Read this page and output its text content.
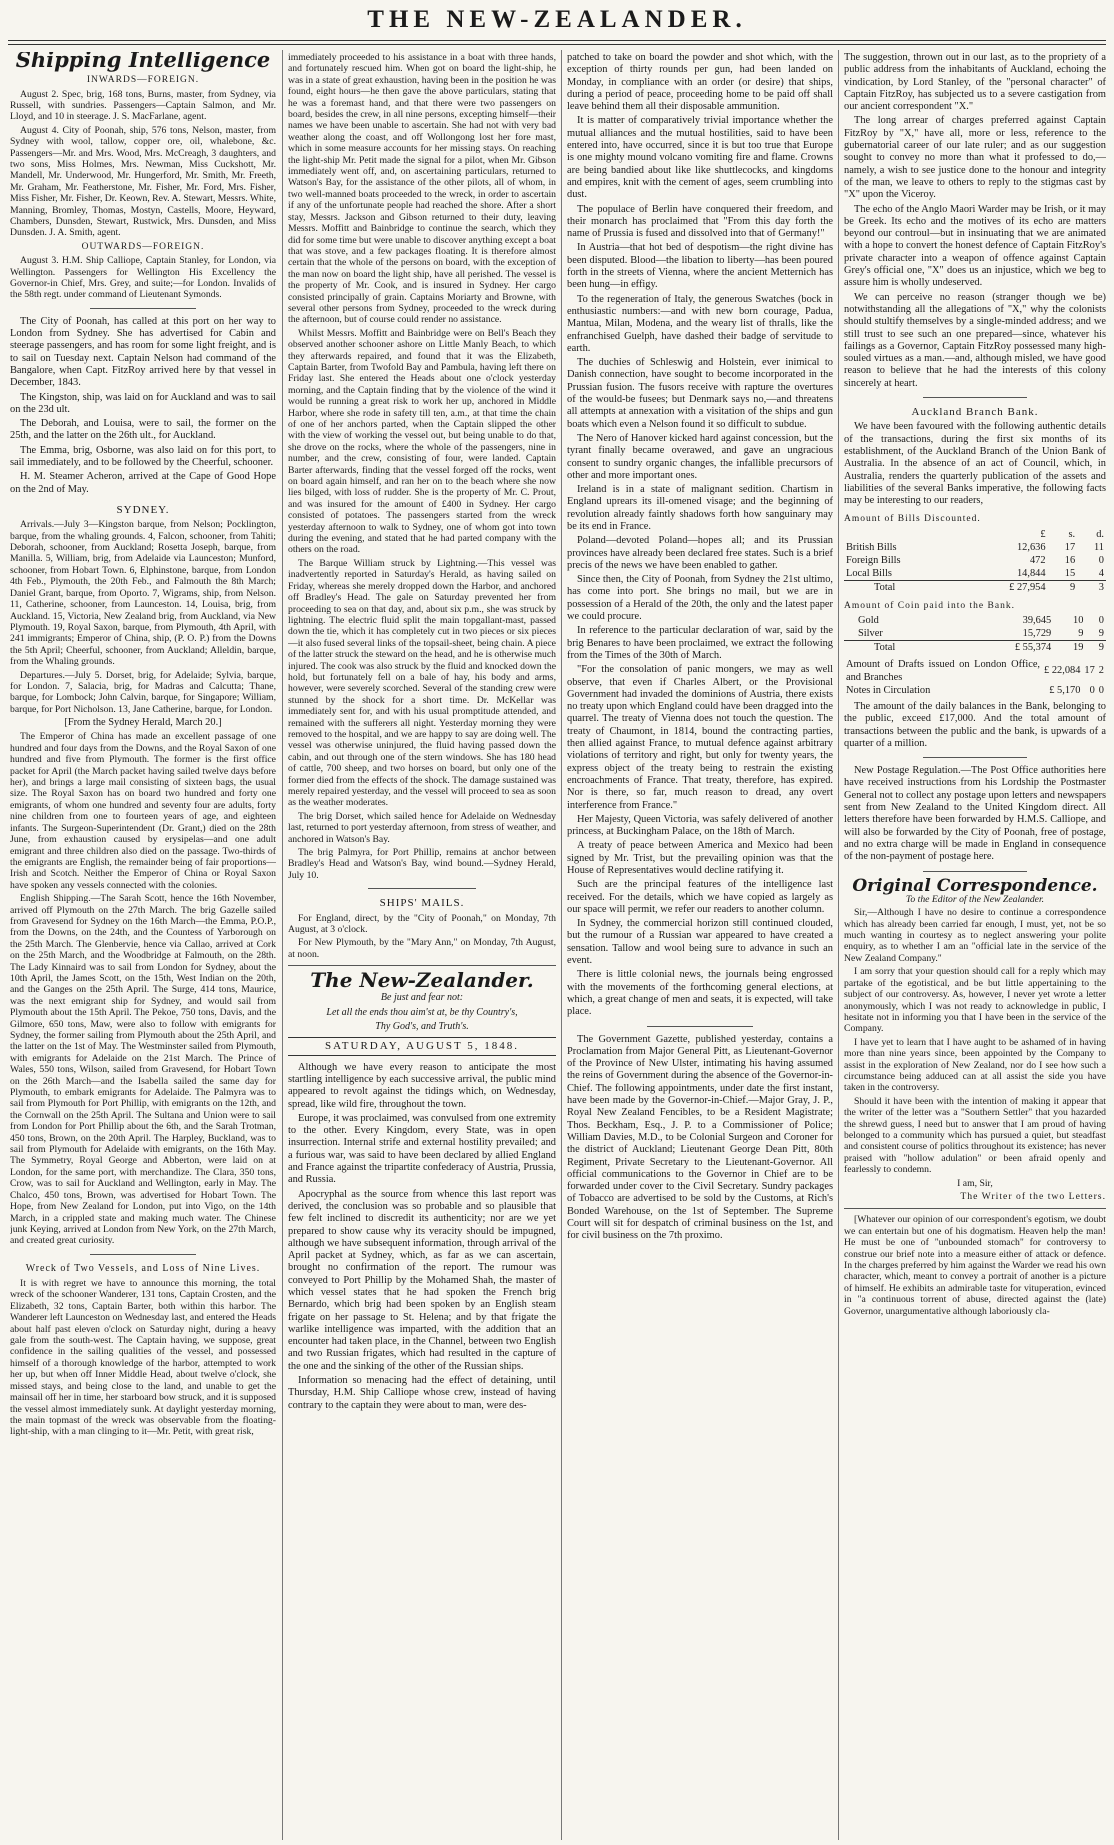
THE NEW-ZEALANDER.
Shipping Intelligence
INWARDS—FOREIGN.

August 2. Spec, brig, 168 tons, Burns, master, from Sydney, via Russell, with sundries. Passengers—Captain Salmon, and Mr. Lloyd, and 10 in steerage. J. S. MacFarlane, agent.

August 4. City of Poonah, ship, 576 tons, Nelson, master, from Sydney with wool, tallow, copper ore, oil, whalebone, &c. Passengers—Mr. and Mrs. Wood, Mrs. McCreagh, 3 daughters, and two sons, Miss Holmes, Mrs. Newman, Miss Cuckshott, Mr. Mandell, Mr. Underwood, Mr. Hungerford, Mr. Smith, Mr. Freeth, Mr. Graham, Mr. Featherstone, Mr. Fisher, Mr. Ford, Mrs. Fisher, Miss Fisher, Mr. Fisher, Dr. Keown, Rev. A. Stewart, Messrs. White, Manning, Bromley, Thomas, Mostyn, Castells, Moore, Heyward, Chambers, Dunsden, Stewart, Rustwick, Mrs. Dunsden, and Miss Dunsden. J. A. Smith, agent.

OUTWARDS—FOREIGN.

August 3. H.M. Ship Calliope, Captain Stanley, for London, via Wellington. Passengers for Wellington His Excellency the Governor-in Chief, Mrs. Grey, and suite;—for London. Invalids of the 58th regt. under command of Lieutenant Symonds.

The City of Poonah, has called at this port on her way to London from Sydney. She has advertised for Cabin and steerage passengers, and has room for some light freight, and is to sail on Tuesday next. Captain Nelson had command of the Bangalore, when Capt. FitzRoy arrived here by that vessel in December, 1843.

The Kingston, ship, was laid on for Auckland and was to sail on the 23d ult.

The Deborah, and Louisa, were to sail, the former on the 25th, and the latter on the 26th ult., for Auckland.

The Emma, brig, Osborne, was also laid on for this port, to sail immediately, and to be followed by the Cheerful, schooner.

H. M. Steamer Acheron, arrived at the Cape of Good Hope on the 2nd of May.

SYDNEY.

Arrivals.—July 3—Kingston barque, from Nelson; Pocklington, barque, from the whaling grounds. 4, Falcon, schooner, from Tahiti; Deborah, schooner, from Auckland; Rosetta Joseph, barque, from Manilla. 5, William, brig, from Adelaide via Launceston; Munford, schooner, from Hobart Town. 6, Elphinstone, barque, from London 4th Feb., Plymouth, the 20th Feb., and Falmouth the 8th March; Daniel Grant, barque, from Oporto. 7, Wigrams, ship, from Nelson. 11, Catherine, schooner, from Launceston. 14, Louisa, brig, from Auckland. 15, Victoria, New Zealand brig, from Auckland, via New Plymouth. 19, Royal Saxon, barque, from Plymouth, 4th April, with 241 immigrants; Emperor of China, ship, (P. O. P.) from the Downs the 5th April; Cheerful, schooner, from Auckland; Alleldin, barque, from the Whaling grounds.

Departures.—July 5. Dorset, brig, for Adelaide; Sylvia, barque, for London. 7, Salacia, brig, for Madras and Calcutta; Thane, barque, for Lombock; John Calvin, barque, for Singapore; William, barque, for Port Nicholson. 13, Jane Catherine, barque, for London.

[From the Sydney Herald, March 20.]

The Emperor of China has made an excellent passage of one hundred and four days from the Downs, and the Royal Saxon of one hundred and five from Plymouth. The former is the first office packet for April (the March packet having sailed twelve days before her), and brings a large mail consisting of sixteen bags, the usual size. The Royal Saxon has on board two hundred and forty one emigrants, of whom one hundred and seventy four are adults, forty nine children from one to fourteen years of age, and eighteen infants. The Surgeon-Superintendent (Dr. Grant,) died on the 28th June, from exhaustion caused by erysipelas—and one adult emigrant and three children also died on the passage. Two-thirds of the emigrants are English, the remainder being of fair proportions—Irish and Scotch. Neither the Emperor of China or Royal Saxon have spoken any vessels connected with the colonies.

English Shipping.—The Sarah Scott, hence the 16th November, arrived off Plymouth on the 27th March. The brig Gazelle sailed from Gravesend for Sydney on the 16th March—the Emma, P.O.P., from the Downs, on the 24th, and the Countess of Yarborough on the 25th March. The Glenbervie, hence via Callao, arrived at Cork on the 25th March, and the Woodbridge at Falmouth, on the 28th. The Lady Kinnaird was to sail from London for Sydney, about the 10th April, the James Scott, on the 15th, West Indian on the 20th, and the Ganges on the 25th April. The Surge, 414 tons, Maurice, was the next emigrant ship for Sydney, and would sail from Plymouth about the 15th April. The Pekoe, 750 tons, Davis, and the Gilmore, 650 tons, Maw, were also to follow with emigrants for Sydney, the former sailing from Plymouth about the 25th April, and the latter on the 1st of May. The Westminster sailed from Plymouth, with emigrants for Adelaide on the 21st March. The Prince of Wales, 550 tons, Wilson, sailed from Gravesend, for Hobart Town on the 26th March—and the Isabella sailed the same day for Plymouth, to embark emigrants for Adelaide. The Palmyra was to sail from Plymouth for Port Phillip, with emigrants on the 12th, and the Cornwall on the 25th April. The Sultana and Union were to sail from London for Port Phillip about the 6th, and the Sarah Trotman, 450 tons, Brown, on the 20th April. The Harpley, Buckland, was to sail from Plymouth for Adelaide with emigrants, on the 16th May. The Symmetry, Royal George and Abberton, were laid on at London, for the same port, with merchandize. The Clara, 350 tons, Crow, was to sail for Auckland and Wellington, early in May. The Chalco, 450 tons, Brown, was advertised for Hobart Town. The Hope, from New Zealand for London, put into Vigo, on the 14th March, in a crippled state and making much water. The Chinese junk Keying, arrived at London from New York, on the 27th March, and created great curiosity.

Wreck of Two Vessels, and Loss of Nine Lives.

It is with regret we have to announce this morning, the total wreck of the schooner Wanderer, 131 tons, Captain Crosten, and the Elizabeth, 32 tons, Captain Barter, both within this harbor. The Wanderer left Launceston on Wednesday last, and entered the Heads about half past eleven o'clock on Saturday night, during a heavy gale from the south-west. The Captain having, we suppose, great confidence in the sailing qualities of the vessel, and possessed himself of a thorough knowledge of the harbor, attempted to work her up, but when off Inner Middle Head, about twelve o'clock, she missed stays, and being close to the land, and unable to get the mainsail off her in time, her starboard bow struck, and it is supposed the vessel almost immediately sunk. At daylight yesterday morning, the main topmast of the wreck was observable from the floating-light-ship, with a man clinging to it—Mr. Petit, with great risk,

immediately proceeded to his assistance in a boat with three hands, and fortunately rescued him. When got on board the light-ship, he was in a state of great exhaustion, having been in the position he was found, eight hours—he then gave the above particulars, stating that he was a foremast hand, and that there were two passengers on board, besides the crew, in all nine persons, excepting himself—their names we have been unable to ascertain. She had not with very bad weather along the coast, and off Wollongong lost her fore mast, which in some measure accounts for her missing stays. On reaching the light-ship Mr. Petit made the signal for a pilot, when Mr. Gibson immediately went off, and, on ascertaining particulars, returned to Watson's Bay, for the assistance of the other pilots, all of whom, in two well-manned boats proceeded to the wreck, in order to ascertain if any of the unfortunate people had reached the shore. After a short stay, Messrs. Jackson and Gibson returned to their duty, leaving Messrs. Moffitt and Bainbridge to continue the search, which they did for some time but were unable to discover anything except a boat that was stove, and a few packages floating. It is therefore almost certain that the whole of the persons on board, with the exception of the man now on board the light ship, have all perished. The vessel is the property of Mr. Cook, and is insured in Sydney. Her cargo consisted principally of grain. Captains Moriarty and Browne, with several other persons from Sydney, proceeded to the wreck during the afternoon, but of course could render no assistance.

Whilst Messrs. Moffitt and Bainbridge were on Bell's Beach they observed another schooner ashore on Little Manly Beach, to which they afterwards repaired, and found that it was the Elizabeth, Captain Barter, from Twofold Bay and Pambula, having left there on Friday last. She entered the Heads about one o'clock yesterday morning, and the Captain finding that by the violence of the wind it would be running a great risk to work her up, anchored in Middle Harbor, where she rode in safety till ten, a.m., at that time the chain of one of her anchors parted, when the Captain slipped the other with the view of working the vessel out, but being unable to do that, she drove on the rocks, where the whole of the passengers, nine in number, and the crew, consisting of four, were landed. Captain Barter afterwards, finding that the vessel forged off the rocks, went on board again himself, and ran her on to the beach where she now lies bilged, with loss of rudder. She is the property of Mr. C. Prout, and was insured for the amount of £400 in Sydney. Her cargo consisted of potatoes. The passengers started from the wreck yesterday afternoon to walk to Sydney, one of whom got into town during the evening, and stated that he had parted company with the others on the road.

The Barque William struck by Lightning.—This vessel was inadvertently reported in Saturday's Herald, as having sailed on Friday, whereas she merely dropped down the Harbor, and anchored off Bradley's Head. The gale on Saturday prevented her from proceeding to sea on that day, and, about six p.m., she was struck by lightning. The electric fluid split the main topgallant-mast, passed down the tie, which it has completely cut in two pieces or six pieces—it also fused several links of the topsail-sheet, being chain. A piece of the latter struck the steward on the head, and he is otherwise much injured. The cook was also struck by the fluid and knocked down the hold, but fortunately fell on a bale of hay, his body and arms, however, were severely scorched. Several of the standing crew were stunned by the shock for a short time. Dr. McKellar was immediately sent for, and with his usual promptitude attended, and remained with the sufferers all night. Yesterday morning they were removed to the hospital, and we are happy to say are doing well. The vessel was otherwise uninjured, the fluid having passed down the cabin, and out through one of the stern windows. She has 180 head of cattle, 700 sheep, and two horses on board, but only one of the former died from the effects of the shock. The damage sustained was merely repaired yesterday, and the vessel will proceed to sea as soon as the weather moderates.

The brig Dorset, which sailed hence for Adelaide on Wednesday last, returned to port yesterday afternoon, from stress of weather, and anchored in Watson's Bay.

The brig Palmyra, for Port Phillip, remains at anchor between Bradley's Head and Watson's Bay, wind bound.—Sydney Herald, July 10.

SHIPS' MAILS.

For England, direct, by the "City of Poonah," on Monday, 7th August, at 3 o'clock.

For New Plymouth, by the "Mary Ann," on Monday, 7th August, at noon.

The New-Zealander.

Be just and fear not:

Let all the ends thou aim'st at, be thy Country's,

Thy God's, and Truth's.

SATURDAY, AUGUST 5, 1848.

Although we have every reason to anticipate the most startling intelligence by each successive arrival, the public mind appeared to revolt against the tidings which, on Wednesday, spread, like wild fire, throughout the town.

Europe, it was proclaimed, was convulsed from one extremity to the other. Every Kingdom, every State, was in open insurrection. Internal strife and external hostility prevailed; and a furious war, was said to have been declared by allied England and France against the tripartite confederacy of Austria, Prussia, and Russia.

Apocryphal as the source from whence this last report was derived, the conclusion was so probable and so plausible that few felt inclined to discredit its authenticity; nor are we yet prepared to show cause why its veracity should be impugned, although we have subsequent information, through arrival of the April packet at Sydney, which, as far as we can ascertain, brought no confirmation of the report. The rumour was conveyed to Port Phillip by the Mohamed Shah, the master of which vessel states that he had spoken the French brig Bernardo, which brig had been spoken by an English steam frigate on her passage to St. Helena; and by that frigate the warlike intelligence was imparted, with the addition that an encounter had taken place, in the Channel, between two English and two Russian frigates, which had resulted in the capture of the one and the sinking of the other of the Russian ships.

Information so menacing had the effect of detaining, until Thursday, H.M. Ship Calliope whose crew, instead of having contrary to the captain they were about to man, were des-

patched to take on board the powder and shot which, with the exception of thirty rounds per gun, had been landed on Monday, in compliance with an order (or desire) that ships, during a period of peace, proceeding home to be paid off shall leave behind them all their disposable ammunition.

It is matter of comparatively trivial importance whether the mutual alliances and the mutual hostilities, said to have been entered into, have occurred, since it is but too true that Europe is one mighty mound volcano vomiting fire and flame. Crowns are being bandied about like like shuttlecocks, and kingdoms and empires, knit with the cement of ages, seem crumbling into dust.

The populace of Berlin have conquered their freedom, and their monarch has proclaimed that "From this day forth the name of Prussia is fused and dissolved into that of Germany!"

In Austria—that hot bed of despotism—the right divine has been disputed. Blood—the libation to liberty—has been poured forth in the streets of Vienna, where the ancient Metternich has been hung—in effigy.

To the regeneration of Italy, the generous Swatches (bock in enthusiastic numbers:—and with new born courage, Padua, Mantua, Milan, Modena, and the weary list of thralls, like the enfranchised Guelph, have dashed their badge of servitude to earth.

The duchies of Schleswig and Holstein, ever inimical to Danish connection, have sought to become incorporated in the Prussian fusion. The fusors receive with rapture the overtures of the would-be fusees; but Denmark says no,—and threatens all attempts at annexation with a visitation of the ships and gun boats which even a Nelson found it so difficult to subdue.

The Nero of Hanover kicked hard against concession, but the tyrant finally became overawed, and gave an ungracious consent to sundry organic changes, the infallible precursors of other and more important ones.

Ireland is in a state of malignant sedition. Chartism in England uprears its ill-omened visage; and the beginning of revolution already faintly shadows forth how sanguinary may be its end in France.

Poland—devoted Poland—hopes all; and its Prussian provinces have already been declared free states. Such is a brief precis of the news we have been enabled to gather.

Since then, the City of Poonah, from Sydney the 21st ultimo, has come into port. She brings no mail, but we are in possession of a Herald of the 20th, the only and the latest paper we could procure.

In reference to the particular declaration of war, said by the brig Benares to have been proclaimed, we extract the following from the Times of the 30th of March.

"For the consolation of panic mongers, we may as well observe, that even if Charles Albert, or the Provisional Government had invaded the dominions of Austria, there exists no treaty upon which England could have been dragged into the quarrel. The treaty of Vienna does not touch the question. The treaty of Chaumont, in 1814, bound the contracting parties, then allied against France, to mutual defence against arbitrary violations of territory and right, but only for twenty years, the express object of the treaty being to restrain the existing encroachments of France. That treaty, therefore, has expired. Nor is there, so far, much reason to dread, any overt interference from France."

Her Majesty, Queen Victoria, was safely delivered of another princess, at Buckingham Palace, on the 18th of March.

A treaty of peace between America and Mexico had been signed by Mr. Trist, but the prevailing opinion was that the House of Representatives would decline ratifying it.

Such are the principal features of the intelligence last received. For the details, which we have copied as largely as our space will permit, we refer our readers to another column.

In Sydney, the commercial horizon still continued clouded, but the rumour of a Russian war appeared to have created a sensation. Tallow and wool being sure to advance in such an event.

There is little colonial news, the journals being engrossed with the movements of the forthcoming general elections, at which, a great change of men and seats, it is expected, will take place.

The Government Gazette, published yesterday, contains a Proclamation from Major General Pitt, as Lieutenant-Governor of the Province of New Ulster, intimating his having assumed the reins of Government during the absence of the Governor-in-Chief. The following appointments, under date the first instant, have been made by the Governor-in-Chief.—Major Gray, J. P., Royal New Zealand Fencibles, to be a Resident Magistrate; Thos. Beckham, Esq., J. P. to a Commissioner of Police; William Davies, M.D., to be Colonial Surgeon and Coroner for the district of Auckland; Lieutenant George Dean Pitt, 80th Regiment, Private Secretary to the Lieutenant-Governor. All official communications to the Governor in Chief are to be forwarded under cover to the Civil Secretary. Sundry packages of Tobacco are advertised to be sold by the Customs, at Rich's Bonded Warehouse, on the 1st of September. The Supreme Court will sit for despatch of criminal business on the 1st, and for civil business on the 7th proximo.

The suggestion, thrown out in our last, as to the propriety of a public address from the inhabitants of Auckland, echoing the vindication, by Lord Stanley, of the "personal character" of Captain FitzRoy, has subjected us to a severe castigation from our ancient correspondent "X."

The long arrear of charges preferred against Captain FitzRoy by "X," have all, more or less, reference to the gubernatorial career of our late ruler; and as our suggestion sought to convey no more than what it professed to do,—namely, a wish to see justice done to the honour and integrity of the man, we leave to others to reply to the stigmas cast by "X" upon the Viceroy.

The echo of the Anglo Maori Warder may be Irish, or it may be Greek. Its echo and the motives of its echo are matters beyond our controul—but in insinuating that we are animated with a hope to convert the honest defence of Captain FitzRoy's private character into a weapon of offence against Captain Grey's official one, "X" does us an injustice, which we beg to assure him is wholly undeserved.

We can perceive no reason (stranger though we be) notwithstanding all the allegations of "X," why the colonists should stultify themselves by a single-minded address; and we still trust to see such an one prepared—since, whatever his failings as a Governor, Captain FitzRoy possessed many high-souled virtues as a man.—and, although misled, we have good reason to believe that he had the interests of this colony sincerely at heart.

Auckland Branch Bank.

We have been favoured with the following authentic details of the transactions, during the first six months of its establishment, of the Auckland Branch of the Union Bank of Australia. In the absence of an act of Council, which, in Australia, renders the quarterly publication of the assets and liabilities of the several Banks imperative, the following facts may be interesting to our readers,

Amount of Bills Discounted.

	£	s.	d.
British Bills	12,636	17	11
Foreign Bills	472	16	0
Local Bills	14,844	15	4
Total	£ 27,954	9	3

Amount of Coin paid into the Bank.

Gold	39,645	10	0
Silver	15,729	9	9
Total	£ 55,374	19	9
Amount of Drafts issued on London Office, and Branches	£ 22,084	17	2
Notes in Circulation	£ 5,170	0	0

The amount of the daily balances in the Bank, belonging to the public, exceed £17,000. And the total amount of transactions between the public and the bank, is upwards of a quarter of a million.

New Postage Regulation.—The Post Office authorities here have received instructions from his Lordship the Postmaster General not to collect any postage upon letters and newspapers sent from New Zealand to the United Kingdom direct. All letters therefore have been forwarded by H.M.S. Calliope, and will also be forwarded by the City of Poonah, free of postage, and no extra charge will be made in England in consequence of the non-payment of postage here.

Original Correspondence.

To the Editor of the New Zealander.

Sir,—Although I have no desire to continue a correspondence which has already been carried far enough, I must, yet, not be so much wanting in courtesy as to neglect answering your polite enquiry, as to whether I am an "official late in the service of the New Zealand Company."

I am sorry that your question should call for a reply which may partake of the egotistical, and be but little appertaining to the subject of our controversy. As, however, I never yet wrote a letter anonymously, which I was not ready to acknowledge in public, I hesitate not in informing you that I have been in the service of the Company.

I have yet to learn that I have aught to be ashamed of in having more than nine years since, been appointed by the Company to assist in the exploration of New Zealand, nor do I see how such a circumstance being adduced can at all assist the side you have taken in the controversy.

Should it have been with the intention of making it appear that the writer of the letter was a "Southern Settler" that you hazarded the shrewd guess, I need but to answer that I am proud of having belonged to a community which has pursued a quiet, but steadfast and consistent course of politics throughout its existence; has never praised with "hollow adulation" or been afraid openly and fearlessly to condemn.

I am, Sir,

The Writer of the two Letters.

[Whatever our opinion of our correspondent's egotism, we doubt we can entertain but one of his dogmatism. Heaven help the man! He must be one of "unbounded stomach" for controversy to construe our brief note into a measure either of attack or defence. In the charges preferred by him against the Warder we read his own character, which, meant to convey a portrait of another is a picture of himself. He exhibits an admirable taste for vituperation, evinced in "a continuous torrent of abuse, directed against the (late) Governor, unargumentative although laboriously cla-
